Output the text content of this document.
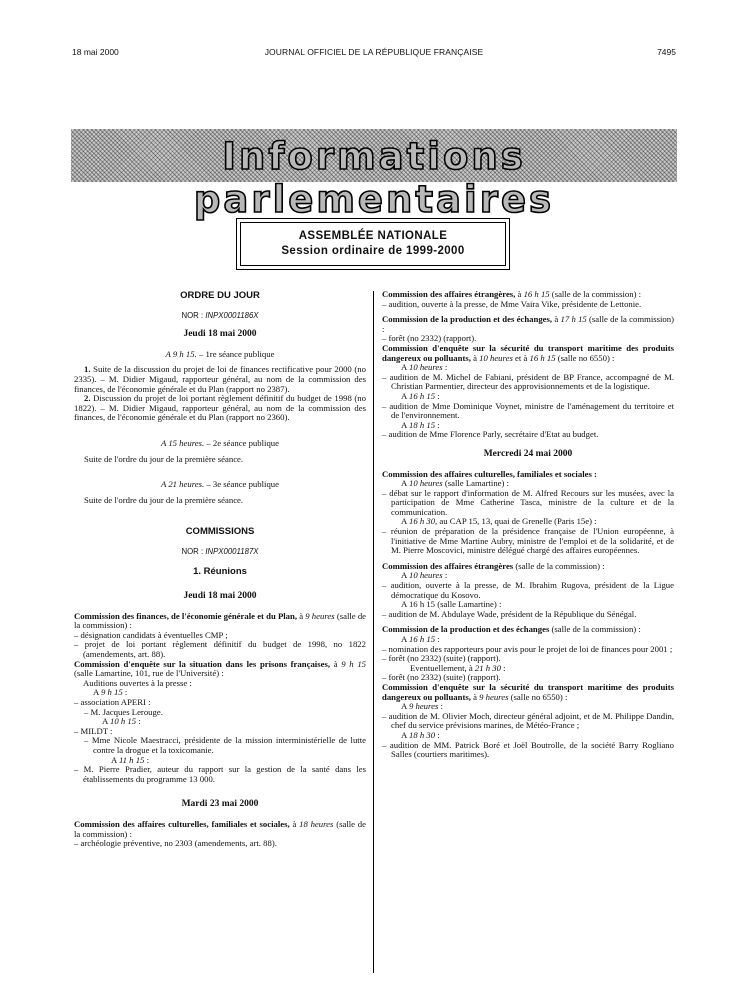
18 mai 2000	JOURNAL OFFICIEL DE LA RÉPUBLIQUE FRANÇAISE	7495
Informations parlementaires
ASSEMBLÉE NATIONALE
Session ordinaire de 1999-2000
ORDRE DU JOUR
NOR : INPX0001186X
Jeudi 18 mai 2000
A 9 h 15. – 1re séance publique

1. Suite de la discussion du projet de loi de finances rectificative pour 2000 (no 2335). – M. Didier Migaud, rapporteur général, au nom de la commission des finances, de l'économie générale et du Plan (rapport no 2387).

2. Discussion du projet de loi portant règlement définitif du budget de 1998 (no 1822). – M. Didier Migaud, rapporteur général, au nom de la commission des finances, de l'économie générale et du Plan (rapport no 2360).

A 15 heures. – 2e séance publique

Suite de l'ordre du jour de la première séance.

A 21 heures. – 3e séance publique

Suite de l'ordre du jour de la première séance.

COMMISSIONS
NOR : INPX0001187X
1. Réunions
Jeudi 18 mai 2000

Commission des finances, de l'économie générale et du Plan, à 9 heures (salle de la commission) :

– désignation candidats à éventuelles CMP ;

– projet de loi portant règlement définitif du budget de 1998, no 1822 (amendements, art. 88).

Commission d'enquête sur la situation dans les prisons françaises, à 9 h 15 (salle Lamartine, 101, rue de l'Université) :

Auditions ouvertes à la presse :

A 9 h 15 :

– association APERI :

– M. Jacques Lerouge.

A 10 h 15 :

– MILDT :

– Mme Nicole Maestracci, présidente de la mission interministérielle de lutte contre la drogue et la toxicomanie.

A 11 h 15 :

– M. Pierre Pradier, auteur du rapport sur la gestion de la santé dans les établissements du programme 13 000.

Mardi 23 mai 2000

Commission des affaires culturelles, familiales et sociales, à 18 heures (salle de la commission) :

– archéologie préventive, no 2303 (amendements, art. 88).

Commission des affaires étrangères, à 16 h 15 (salle de la commission) :

– audition, ouverte à la presse, de Mme Vaira Vike, présidente de Lettonie.

Commission de la production et des échanges, à 17 h 15 (salle de la commission) :

– forêt (no 2332) (rapport).

Commission d'enquête sur la sécurité du transport maritime des produits dangereux ou polluants, à 10 heures et à 16 h 15 (salle no 6550) :

A 10 heures :

– audition de M. Michel de Fabiani, président de BP France, accompagné de M. Christian Parmentier, directeur des approvisionnements et de la logistique.

A 16 h 15 :

– audition de Mme Dominique Voynet, ministre de l'aménagement du territoire et de l'environnement.

A 18 h 15 :

– audition de Mme Florence Parly, secrétaire d'Etat au budget.

Mercredi 24 mai 2000

Commission des affaires culturelles, familiales et sociales :

A 10 heures (salle Lamartine) :

– débat sur le rapport d'information de M. Alfred Recours sur les musées, avec la participation de Mme Catherine Tasca, ministre de la culture et de la communication.

A 16 h 30, au CAP 15, 13, quai de Grenelle (Paris 15e) :

– réunion de préparation de la présidence française de l'Union européenne, à l'initiative de Mme Martine Aubry, ministre de l'emploi et de la solidarité, et de M. Pierre Moscovici, ministre délégué chargé des affaires européennes.

Commission des affaires étrangères (salle de la commission) :

A 10 heures :

– audition, ouverte à la presse, de M. Ibrahim Rugova, président de la Ligue démocratique du Kosovo.

A 16 h 15 (salle Lamartine) :

– audition de M. Abdulaye Wade, président de la République du Sénégal.

Commission de la production et des échanges (salle de la commission) :

A 16 h 15 :

– nomination des rapporteurs pour avis pour le projet de loi de finances pour 2001 ;

– forêt (no 2332) (suite) (rapport).

Eventuellement, à 21 h 30 :

– forêt (no 2332) (suite) (rapport).

Commission d'enquête sur la sécurité du transport maritime des produits dangereux ou polluants, à 9 heures (salle no 6550) :

A 9 heures :

– audition de M. Olivier Moch, directeur général adjoint, et de M. Philippe Dandin, chef du service prévisions marines, de Météo-France ;

A 18 h 30 :

– audition de MM. Patrick Boré et Joël Boutrolle, de la société Barry Rogliano Salles (courtiers maritimes).
